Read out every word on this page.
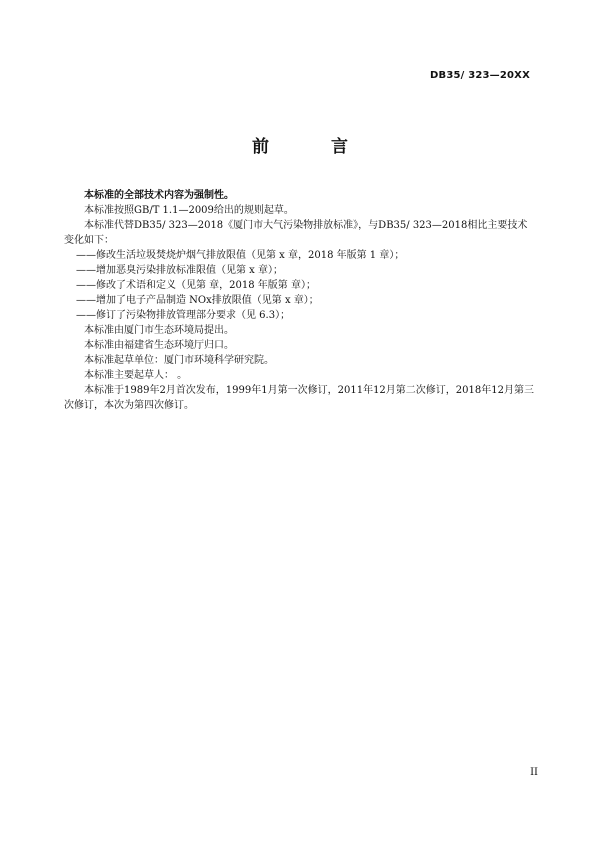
DB35/ 323—20XX
前 言

本标准的全部技术内容为强制性。

本标准按照GB/T 1.1—2009给出的规则起草。

本标准代替DB35/ 323—2018《厦门市大气污染物排放标准》，与DB35/ 323—2018相比主要技术变化如下：

——修改生活垃圾焚烧炉烟气排放限值（见第 x 章，2018 年版第 1 章）；

——增加恶臭污染排放标准限值（见第 x 章）；

——修改了术语和定义（见第 章，2018 年版第 章）；

——增加了电子产品制造 NOx排放限值（见第 x 章）；

——修订了污染物排放管理部分要求（见 6.3）；

本标准由厦门市生态环境局提出。

本标准由福建省生态环境厅归口。

本标准起草单位：厦门市环境科学研究院。

本标准主要起草人： 。

本标准于1989年2月首次发布，1999年1月第一次修订，2011年12月第二次修订，2018年12月第三次修订，本次为第四次修订。

II
